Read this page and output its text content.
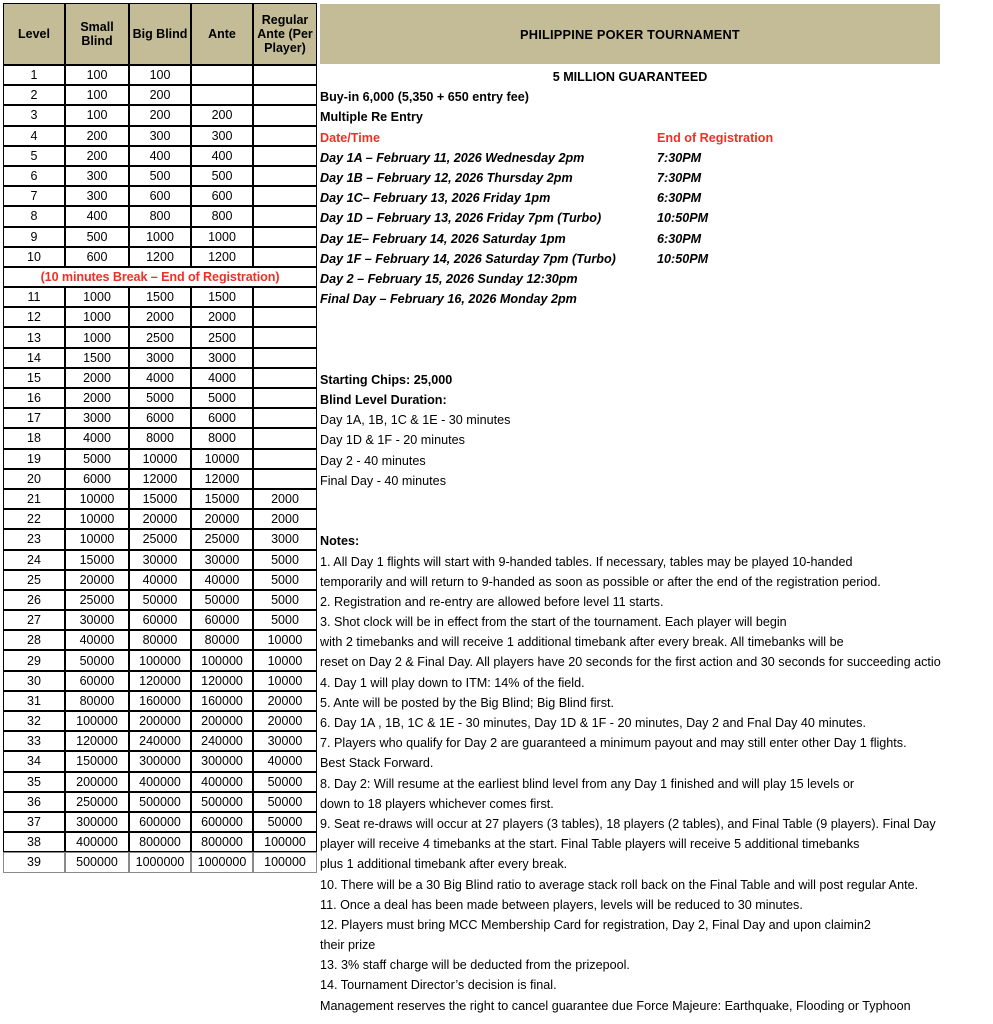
Level	Small Blind	Big Blind	Ante	Regular Ante (Per Player)
1	100	100		
2	100	200		
3	100	200	200	
4	200	300	300	
5	200	400	400	
6	300	500	500	
7	300	600	600	
8	400	800	800	
9	500	1000	1000	
10	600	1200	1200	
(10 minutes Break – End of Registration)				
11	1000	1500	1500	
12	1000	2000	2000	
13	1000	2500	2500	
14	1500	3000	3000	
15	2000	4000	4000	
16	2000	5000	5000	
17	3000	6000	6000	
18	4000	8000	8000	
19	5000	10000	10000	
20	6000	12000	12000	
21	10000	15000	15000	2000
22	10000	20000	20000	2000
23	10000	25000	25000	3000
24	15000	30000	30000	5000
25	20000	40000	40000	5000
26	25000	50000	50000	5000
27	30000	60000	60000	5000
28	40000	80000	80000	10000
29	50000	100000	100000	10000
30	60000	120000	120000	10000
31	80000	160000	160000	20000
32	100000	200000	200000	20000
33	120000	240000	240000	30000
34	150000	300000	300000	40000
35	200000	400000	400000	50000
36	250000	500000	500000	50000
37	300000	600000	600000	50000
38	400000	800000	800000	100000
39	500000	1000000	1000000	100000
PHILIPPINE POKER TOURNAMENT
5 MILLION GUARANTEED
Buy-in 6,000 (5,350 + 650 entry fee)
Multiple Re Entry
Date/Time	End of Registration
Day 1A – February 11, 2026 Wednesday 2pm	7:30PM
Day 1B – February 12, 2026 Thursday 2pm	7:30PM
Day 1C– February 13, 2026 Friday 1pm	6:30PM
Day 1D – February 13, 2026 Friday 7pm (Turbo)	10:50PM
Day 1E– February 14, 2026 Saturday 1pm	6:30PM
Day 1F – February 14, 2026 Saturday 7pm (Turbo)	10:50PM
Day 2 – February 15, 2026 Sunday 12:30pm
Final Day – February 16, 2026 Monday 2pm
Starting Chips: 25,000
Blind Level Duration:
Day 1A, 1B, 1C & 1E - 30 minutes
Day 1D & 1F - 20 minutes
Day 2 - 40 minutes
Final Day - 40 minutes
Notes:
1. All Day 1 flights will start with 9-handed tables. If necessary, tables may be played 10-handed
temporarily and will return to 9-handed as soon as possible or after the end of the registration period.
2. Registration and re-entry are allowed before level 11 starts.
3. Shot clock will be in effect from the start of the tournament. Each player will begin
with 2 timebanks and will receive 1 additional timebank after every break. All timebanks will be
reset on Day 2 & Final Day. All players have 20 seconds for the first action and 30 seconds for succeeding actio
4. Day 1 will play down to ITM: 14% of the field.
5. Ante will be posted by the Big Blind; Big Blind first.
6. Day 1A , 1B, 1C & 1E - 30 minutes, Day 1D & 1F - 20 minutes, Day 2 and Fnal Day 40 minutes.
7. Players who qualify for Day 2 are guaranteed a minimum payout and may still enter other Day 1 flights.
Best Stack Forward.
8. Day 2: Will resume at the earliest blind level from any Day 1 finished and will play 15 levels or
down to 18 players whichever comes first.
9. Seat re-draws will occur at 27 players (3 tables), 18 players (2 tables), and Final Table (9 players). Final Day
player will receive 4 timebanks at the start. Final Table players will receive 5 additional timebanks
plus 1 additional timebank after every break.
10. There will be a 30 Big Blind ratio to average stack roll back on the Final Table and will post regular Ante.
11. Once a deal has been made between players, levels will be reduced to 30 minutes.
12. Players must bring MCC Membership Card for registration, Day 2, Final Day and upon claimin2
their prize
13. 3% staff charge will be deducted from the prizepool.
14. Tournament Director’s decision is final.
Management reserves the right to cancel guarantee due Force Majeure: Earthquake, Flooding or Typhoon
